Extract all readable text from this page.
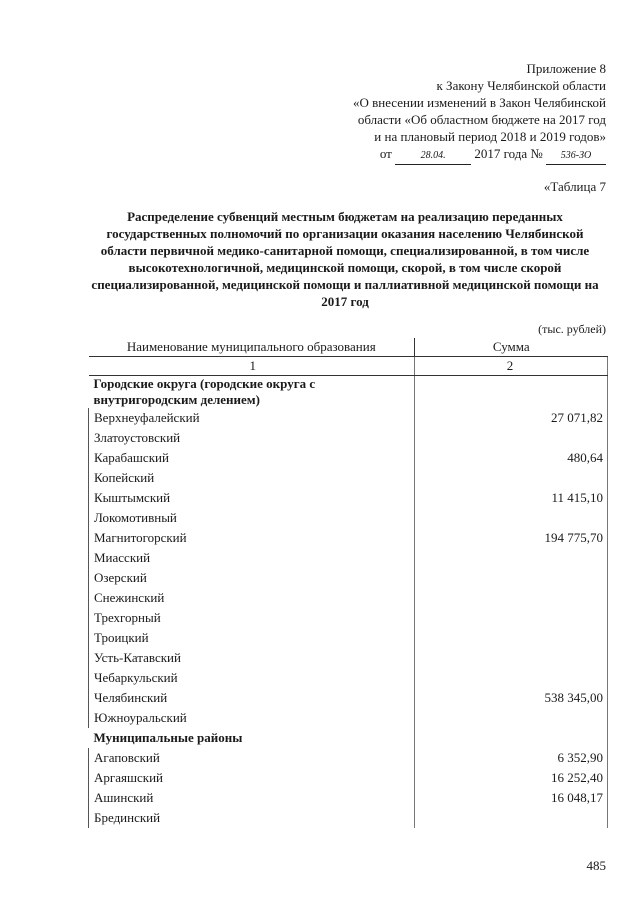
Приложение 8
к Закону Челябинской области
«О внесении изменений в Закон Челябинской
области «Об областном бюджете на 2017 год
и на плановый период 2018 и 2019 годов»
от	28.04. 2017 года № 536-ЗО
«Таблица 7
Распределение субвенций местным бюджетам на реализацию переданных государственных полномочий по организации оказания населению Челябинской области первичной медико-санитарной помощи, специализированной, в том числе высокотехнологичной, медицинской помощи, скорой, в том числе скорой специализированной, медицинской помощи и паллиативной медицинской помощи на 2017 год
(тыс. рублей)
Наименование муниципального образования	Сумма
1	2
Городские округа (городские округа с внутригородским делением)	
Верхнеуфалейский	27 071,82
Златоустовский	
Карабашский	480,64
Копейский	
Кыштымский	11 415,10
Локомотивный	
Магнитогорский	194 775,70
Миасский	
Озерский	
Снежинский	
Трехгорный	
Троицкий	
Усть-Катавский	
Чебаркульский	
Челябинский	538 345,00
Южноуральский	
Муниципальные районы	
Агаповский	6 352,90
Аргаяшский	16 252,40
Ашинский	16 048,17
Брединский	
485
